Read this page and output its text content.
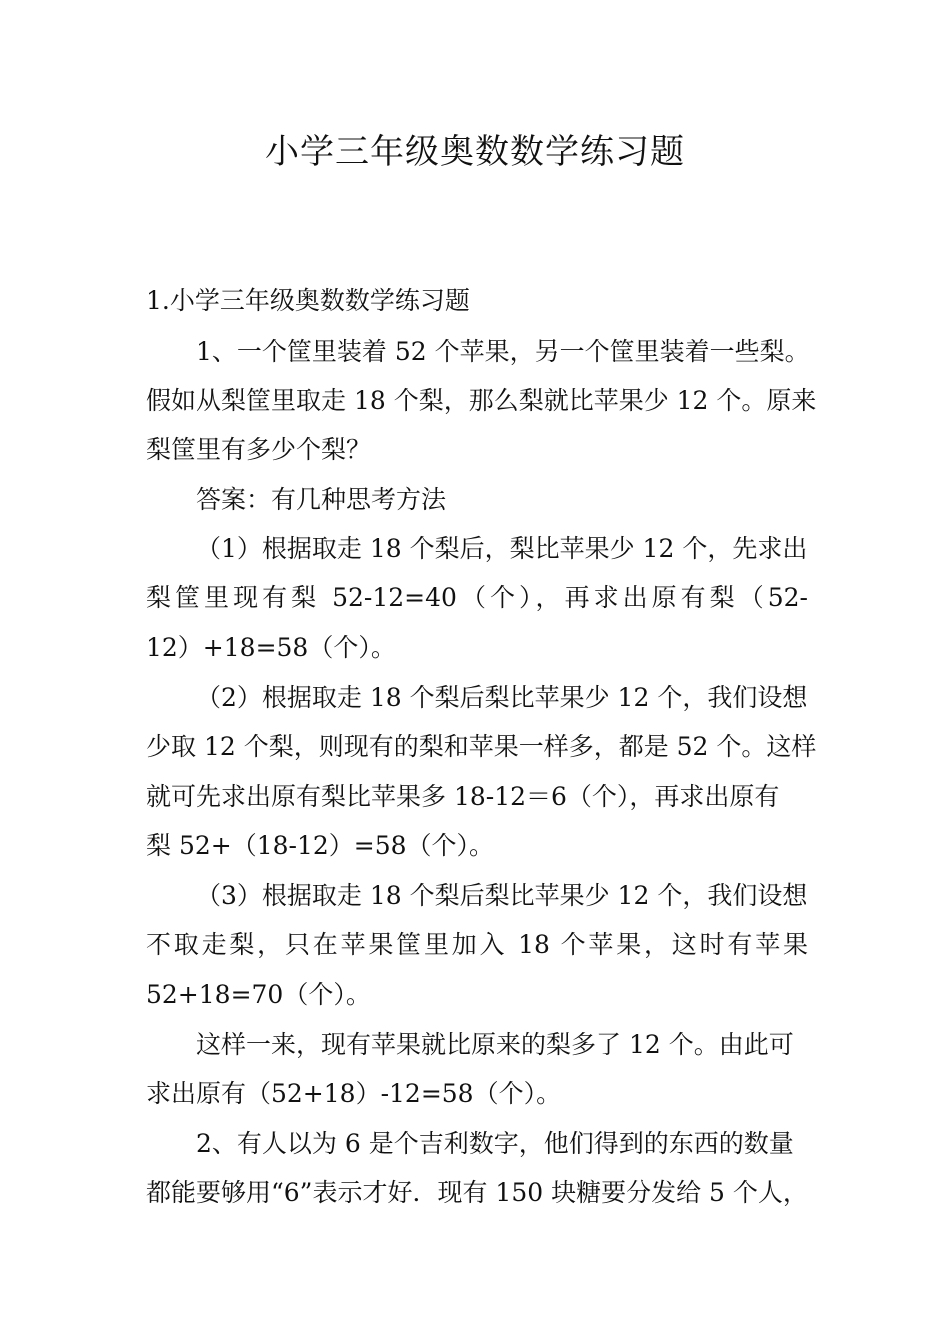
小学三年级奥数数学练习题
1.小学三年级奥数数学练习题
1、一个筐里装着 52 个苹果，另一个筐里装着一些梨。
假如从梨筐里取走 18 个梨，那么梨就比苹果少 12 个。原来
梨筐里有多少个梨？
答案：有几种思考方法
（1）根据取走 18 个梨后，梨比苹果少 12 个，先求出
梨筐里现有梨 52-12=40（个），再求出原有梨（52-
12）+18=58（个）。
（2）根据取走 18 个梨后梨比苹果少 12 个，我们设想
少取 12 个梨，则现有的梨和苹果一样多，都是 52 个。这样
就可先求出原有梨比苹果多 18-12＝6（个），再求出原有
梨 52+（18-12）=58（个）。
（3）根据取走 18 个梨后梨比苹果少 12 个，我们设想
不取走梨，只在苹果筐里加入 18 个苹果，这时有苹果
52+18=70（个）。
这样一来，现有苹果就比原来的梨多了 12 个。由此可
求出原有（52+18）-12=58（个）。
2、有人以为 6 是个吉利数字，他们得到的东西的数量
都能要够用“6”表示才好．现有 150 块糖要分发给 5 个人，
